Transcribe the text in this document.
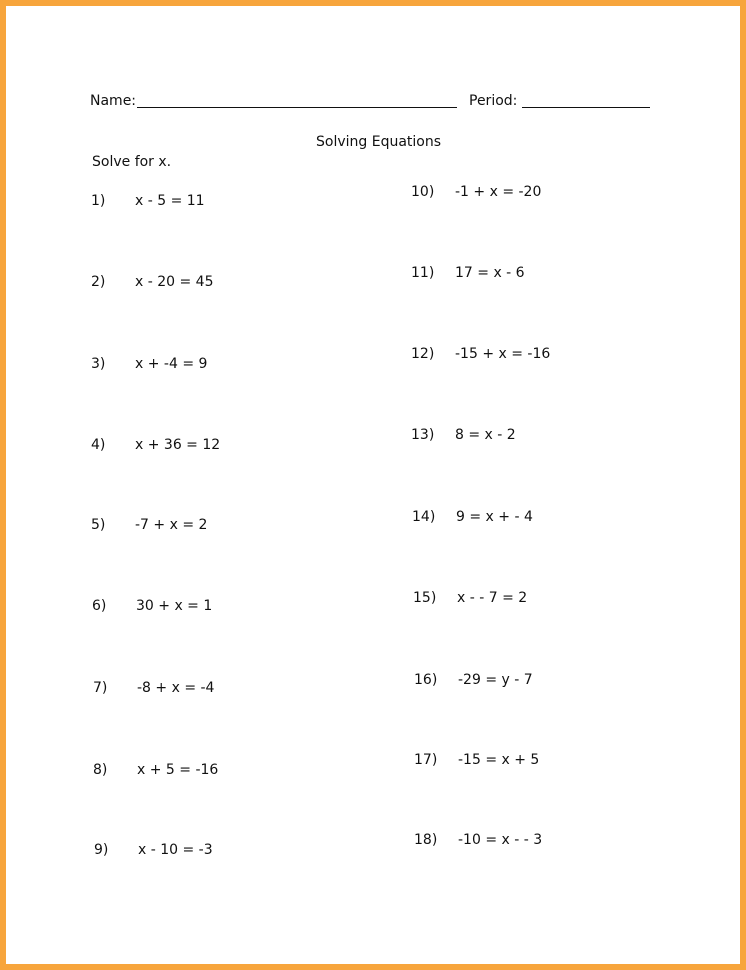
Name:	Period:
Solving Equations
Solve for x.
1) x - 5 = 11
2) x - 20 = 45
3) x + -4 = 9
4) x + 36 = 12
5) -7 + x = 2
6) 30 + x = 1
7) -8 + x = -4
8) x + 5 = -16
9) x - 10 = -3
10) -1 + x = -20
11) 17 = x - 6
12) -15 + x = -16
13) 8 = x - 2
14) 9 = x + - 4
15) x - - 7 = 2
16) -29 = y - 7
17) -15 = x + 5
18) -10 = x - - 3
